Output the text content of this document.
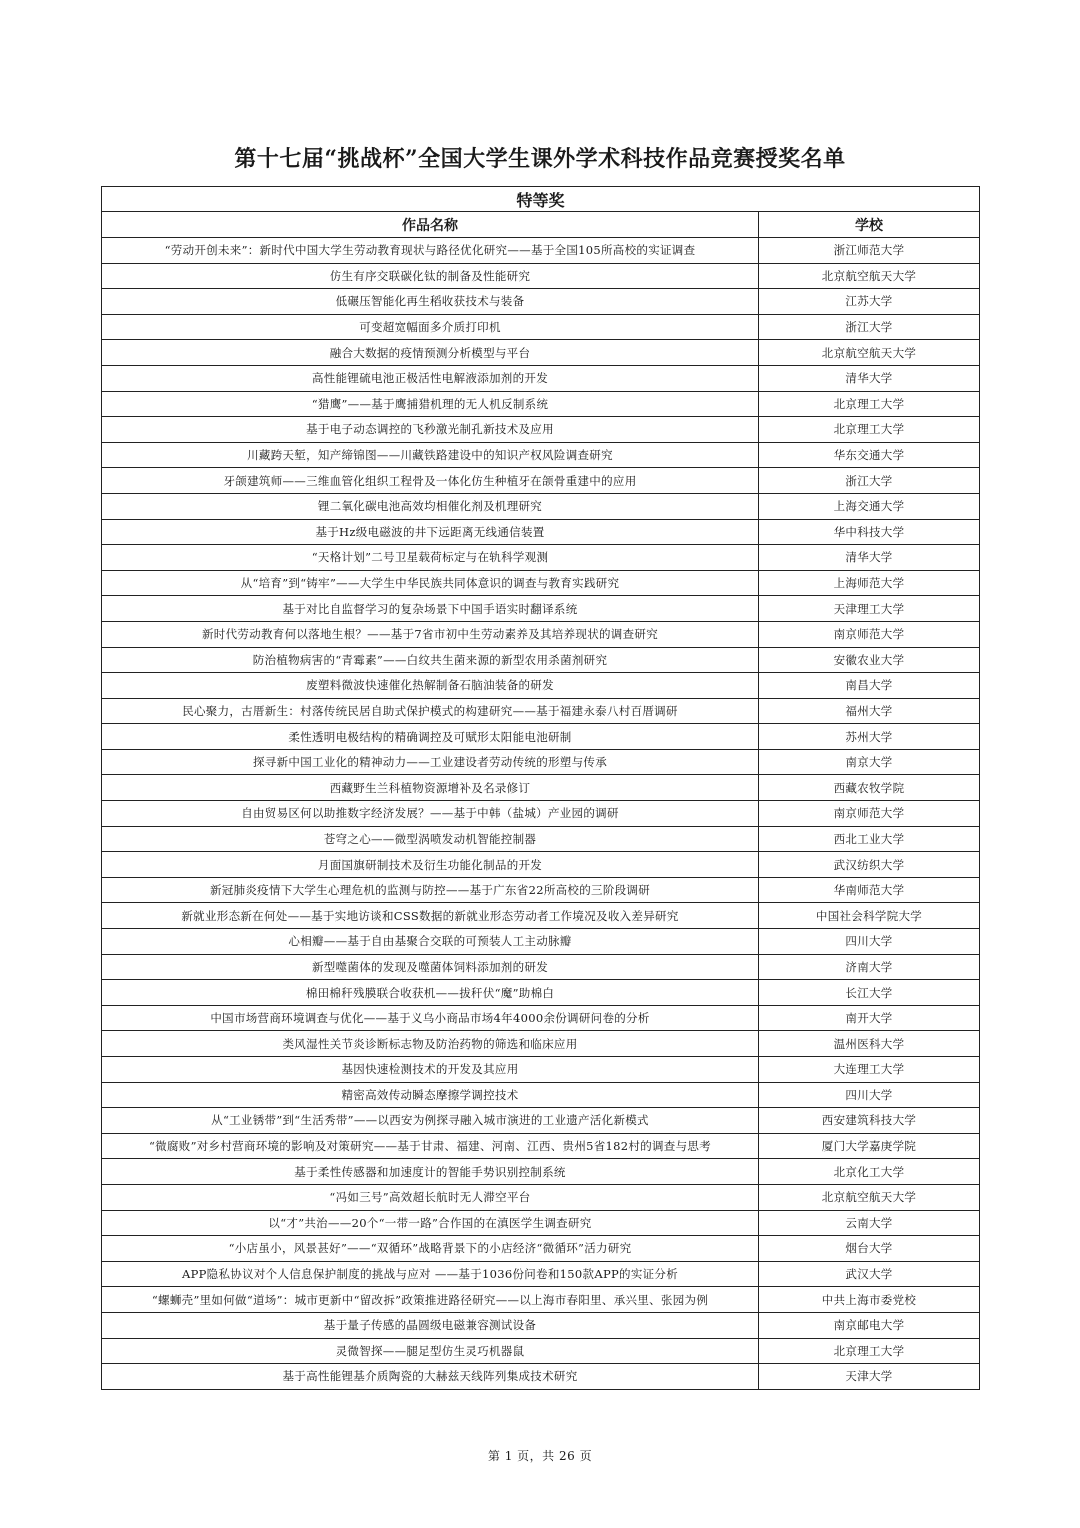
第十七届“挑战杯”全国大学生课外学术科技作品竞赛授奖名单
特等奖	
作品名称	学校
“劳动开创未来”：新时代中国大学生劳动教育现状与路径优化研究——基于全国105所高校的实证调查	浙江师范大学
仿生有序交联碳化钛的制备及性能研究	北京航空航天大学
低碾压智能化再生稻收获技术与装备	江苏大学
可变超宽幅面多介质打印机	浙江大学
融合大数据的疫情预测分析模型与平台	北京航空航天大学
高性能锂硫电池正极活性电解液添加剂的开发	清华大学
“猎鹰”——基于鹰捕猎机理的无人机反制系统	北京理工大学
基于电子动态调控的飞秒激光制孔新技术及应用	北京理工大学
川藏跨天堑，知产缔锦图——川藏铁路建设中的知识产权风险调查研究	华东交通大学
牙颌建筑师——三维血管化组织工程骨及一体化仿生种植牙在颌骨重建中的应用	浙江大学
锂二氧化碳电池高效均相催化剂及机理研究	上海交通大学
基于Hz级电磁波的井下远距离无线通信装置	华中科技大学
“天格计划”二号卫星载荷标定与在轨科学观测	清华大学
从“培育”到“铸牢”——大学生中华民族共同体意识的调查与教育实践研究	上海师范大学
基于对比自监督学习的复杂场景下中国手语实时翻译系统	天津理工大学
新时代劳动教育何以落地生根？——基于7省市初中生劳动素养及其培养现状的调查研究	南京师范大学
防治植物病害的“青霉素”——白纹共生菌来源的新型农用杀菌剂研究	安徽农业大学
废塑料微波快速催化热解制备石脑油装备的研发	南昌大学
民心聚力，古厝新生：村落传统民居自助式保护模式的构建研究——基于福建永泰八村百厝调研	福州大学
柔性透明电极结构的精确调控及可赋形太阳能电池研制	苏州大学
探寻新中国工业化的精神动力——工业建设者劳动传统的形塑与传承	南京大学
西藏野生兰科植物资源增补及名录修订	西藏农牧学院
自由贸易区何以助推数字经济发展？——基于中韩（盐城）产业园的调研	南京师范大学
苍穹之心——微型涡喷发动机智能控制器	西北工业大学
月面国旗研制技术及衍生功能化制品的开发	武汉纺织大学
新冠肺炎疫情下大学生心理危机的监测与防控——基于广东省22所高校的三阶段调研	华南师范大学
新就业形态新在何处——基于实地访谈和CSS数据的新就业形态劳动者工作境况及收入差异研究	中国社会科学院大学
心相瓣——基于自由基聚合交联的可预装人工主动脉瓣	四川大学
新型噬菌体的发现及噬菌体饲料添加剂的研发	济南大学
棉田棉秆残膜联合收获机——拔秆伏“魔”助棉白	长江大学
中国市场营商环境调查与优化——基于义乌小商品市场4年4000余份调研问卷的分析	南开大学
类风湿性关节炎诊断标志物及防治药物的筛选和临床应用	温州医科大学
基因快速检测技术的开发及其应用	大连理工大学
精密高效传动瞬态摩擦学调控技术	四川大学
从“工业锈带”到“生活秀带”——以西安为例探寻融入城市演进的工业遗产活化新模式	西安建筑科技大学
“微腐败”对乡村营商环境的影响及对策研究——基于甘肃、福建、河南、江西、贵州5省182村的调查与思考	厦门大学嘉庚学院
基于柔性传感器和加速度计的智能手势识别控制系统	北京化工大学
“冯如三号”高效超长航时无人滞空平台	北京航空航天大学
以“才”共治——20个“一带一路”合作国的在滇医学生调查研究	云南大学
“小店虽小，风景甚好”——“双循环”战略背景下的小店经济“微循环”活力研究	烟台大学
APP隐私协议对个人信息保护制度的挑战与应对 ——基于1036份问卷和150款APP的实证分析	武汉大学
“螺蛳壳”里如何做“道场”：城市更新中“留改拆”政策推进路径研究——以上海市春阳里、承兴里、张园为例	中共上海市委党校
基于量子传感的晶圆级电磁兼容测试设备	南京邮电大学
灵微智探——腿足型仿生灵巧机器鼠	北京理工大学
基于高性能锂基介质陶瓷的大赫兹天线阵列集成技术研究	天津大学
第 1 页，共 26 页
